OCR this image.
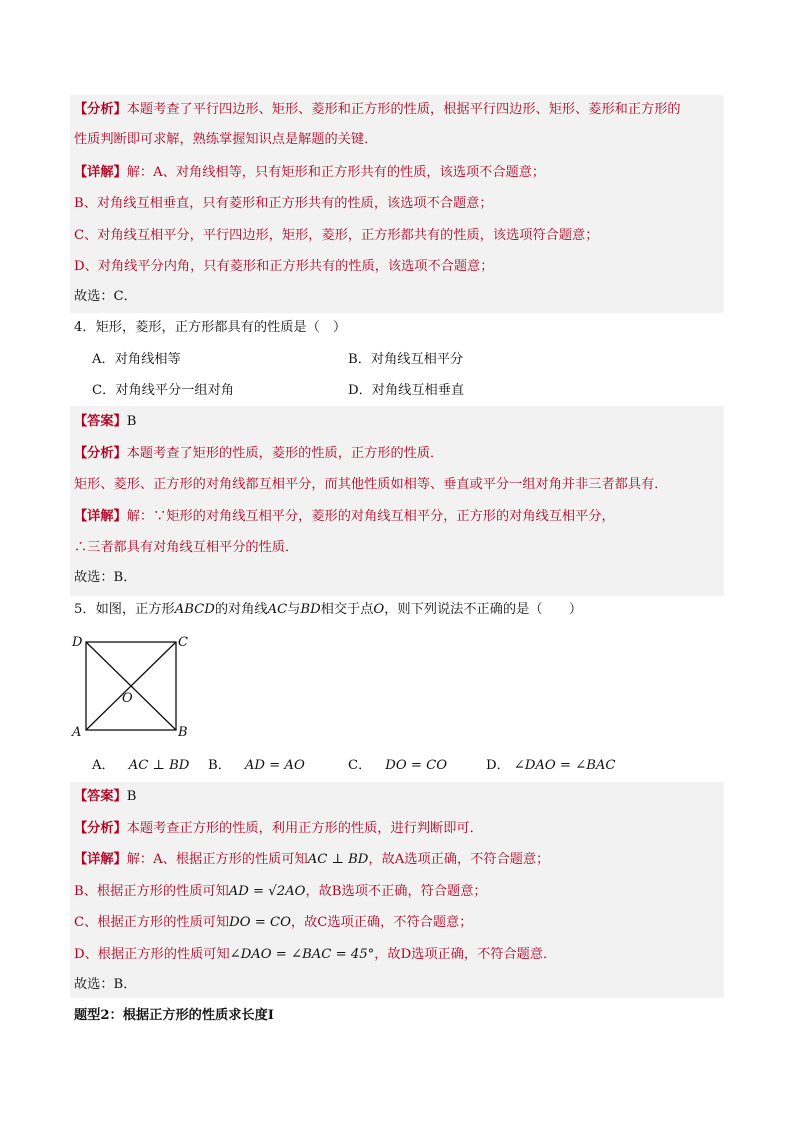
【分析】本题考查了平行四边形、矩形、菱形和正方形的性质，根据平行四边形、矩形、菱形和正方形的
性质判断即可求解，熟练掌握知识点是解题的关键．
【详解】解：A、对角线相等，只有矩形和正方形共有的性质，该选项不合题意；
B、对角线互相垂直，只有菱形和正方形共有的性质，该选项不合题意；
C、对角线互相平分，平行四边形，矩形，菱形，正方形都共有的性质，该选项符合题意；
D、对角线平分内角，只有菱形和正方形共有的性质，该选项不合题意；
故选：C．
4．矩形，菱形，正方形都具有的性质是（　）
A．对角线相等	B．对角线互相平分
C．对角线平分一组对角	D．对角线互相垂直
【答案】B
【分析】本题考查了矩形的性质，菱形的性质，正方形的性质．
矩形、菱形、正方形的对角线都互相平分，而其他性质如相等、垂直或平分一组对角并非三者都具有．
【详解】解：∵矩形的对角线互相平分，菱形的对角线互相平分，正方形的对角线互相平分，
∴三者都具有对角线互相平分的性质．
故选：B．
5．如图，正方形ABCD的对角线AC与BD相交于点O，则下列说法不正确的是（　　）
D	C
A	B
O
A． AC ⊥ BD B． AD = AO	C． DO = CO	D． ∠DAO = ∠BAC
【答案】B
【分析】本题考查正方形的性质，利用正方形的性质，进行判断即可．
【详解】解：A、根据正方形的性质可知AC ⊥ BD，故A选项正确，不符合题意；
B、根据正方形的性质可知AD = √2AO，故B选项不正确，符合题意；
C、根据正方形的性质可知DO = CO，故C选项正确，不符合题意；
D、根据正方形的性质可知∠DAO = ∠BAC = 45°，故D选项正确，不符合题意．
故选：B．
题型2：根据正方形的性质求长度Ⅰ
